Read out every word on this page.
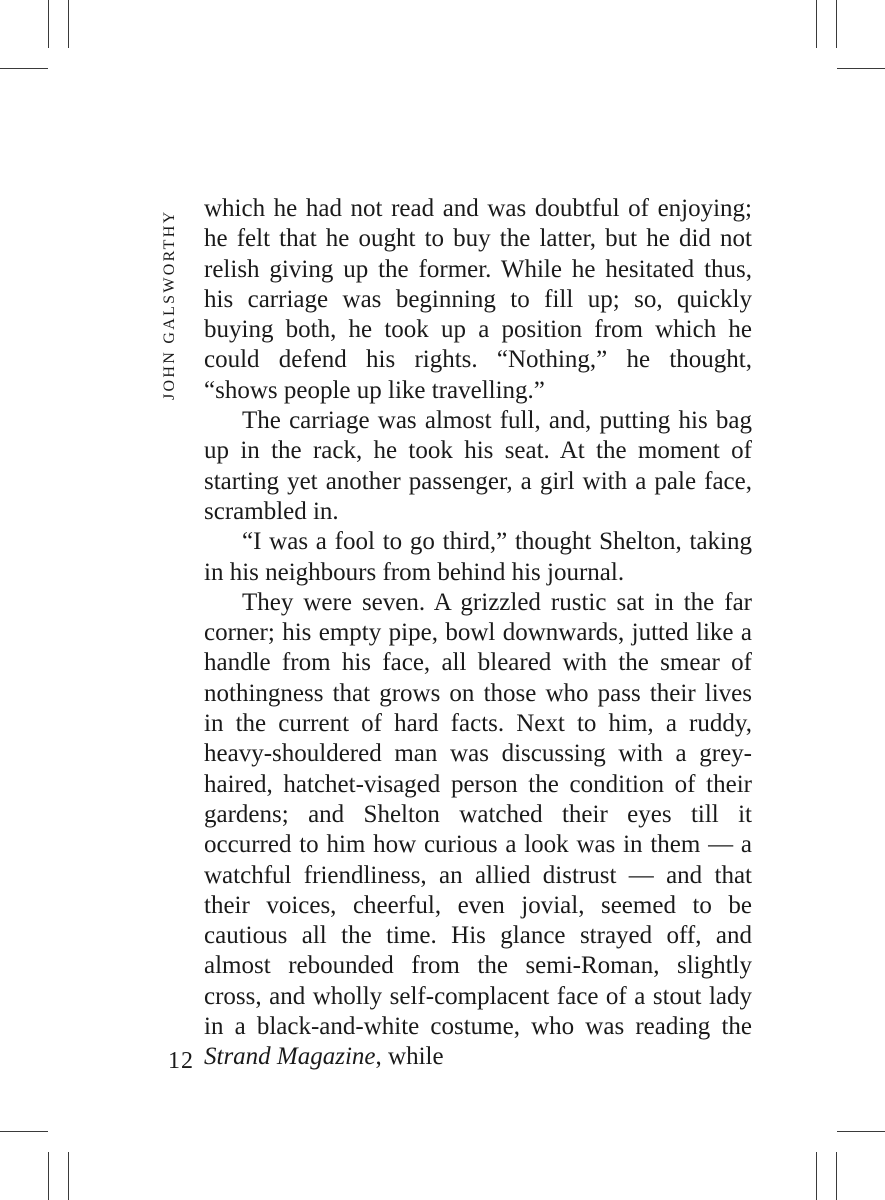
JOHN GALSWORTHY

which he had not read and was doubtful of enjoying; he felt that he ought to buy the latter, but he did not relish giving up the former. While he hesitated thus, his carriage was beginning to fill up; so, quickly buying both, he took up a position from which he could defend his rights. “Nothing,” he thought, “shows people up like travelling.”

The carriage was almost full, and, putting his bag up in the rack, he took his seat. At the moment of starting yet another passenger, a girl with a pale face, scrambled in.

“I was a fool to go third,” thought Shelton, taking in his neighbours from behind his journal.

They were seven. A grizzled rustic sat in the far corner; his empty pipe, bowl downwards, jutted like a handle from his face, all bleared with the smear of nothingness that grows on those who pass their lives in the current of hard facts. Next to him, a ruddy, heavy-shouldered man was discussing with a grey-haired, hatchet-visaged person the condition of their gardens; and Shelton watched their eyes till it occurred to him how curious a look was in them — a watchful friendliness, an allied distrust — and that their voices, cheerful, even jovial, seemed to be cautious all the time. His glance strayed off, and almost rebounded from the semi-Roman, slightly cross, and wholly self-complacent face of a stout lady in a black-and-white costume, who was reading the Strand Magazine, while

12
